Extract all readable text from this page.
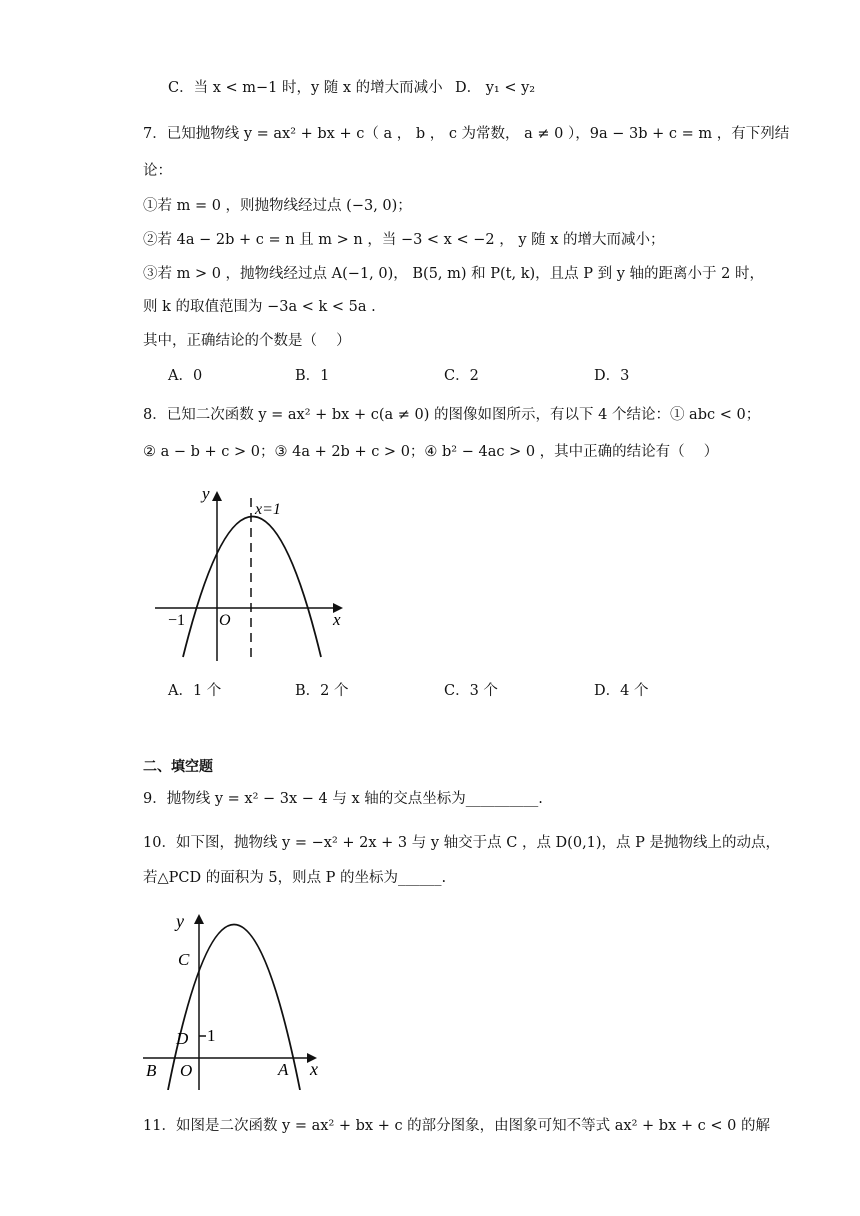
C．当 x < m−1 时，y 随 x 的增大而减小 D． y₁ < y₂
7．已知抛物线 y = ax² + bx + c（ a ， b ， c 为常数， a ≠ 0 ），9a − 3b + c = m ，有下列结
论：
①若 m = 0 ，则抛物线经过点 (−3, 0)；
②若 4a − 2b + c = n 且 m > n ，当 −3 < x < −2 ， y 随 x 的增大而减小；
③若 m > 0 ，抛物线经过点 A(−1, 0)， B(5, m) 和 P(t, k)，且点 P 到 y 轴的距离小于 2 时，
则 k 的取值范围为 −3a < k < 5a .
其中，正确结论的个数是（　 ）
A．0	B．1	C．2	D．3
8．已知二次函数 y = ax² + bx + c(a ≠ 0) 的图像如图所示，有以下 4 个结论：① abc < 0；
② a − b + c > 0；③ 4a + 2b + c > 0；④ b² − 4ac > 0 ，其中正确的结论有（　 ）
y
x=1
−1 O	x
A．1 个	B．2 个	C．3 个	D．4 个
二、填空题
9．抛物线 y = x² − 3x − 4 与 x 轴的交点坐标为__________.
10．如下图，抛物线 y = −x² + 2x + 3 与 y 轴交于点 C ，点 D(0,1)，点 P 是抛物线上的动点，
若△PCD 的面积为 5，则点 P 的坐标为______.
y
C
D 1
B O	A x
11．如图是二次函数 y = ax² + bx + c 的部分图象，由图象可知不等式 ax² + bx + c < 0 的解
